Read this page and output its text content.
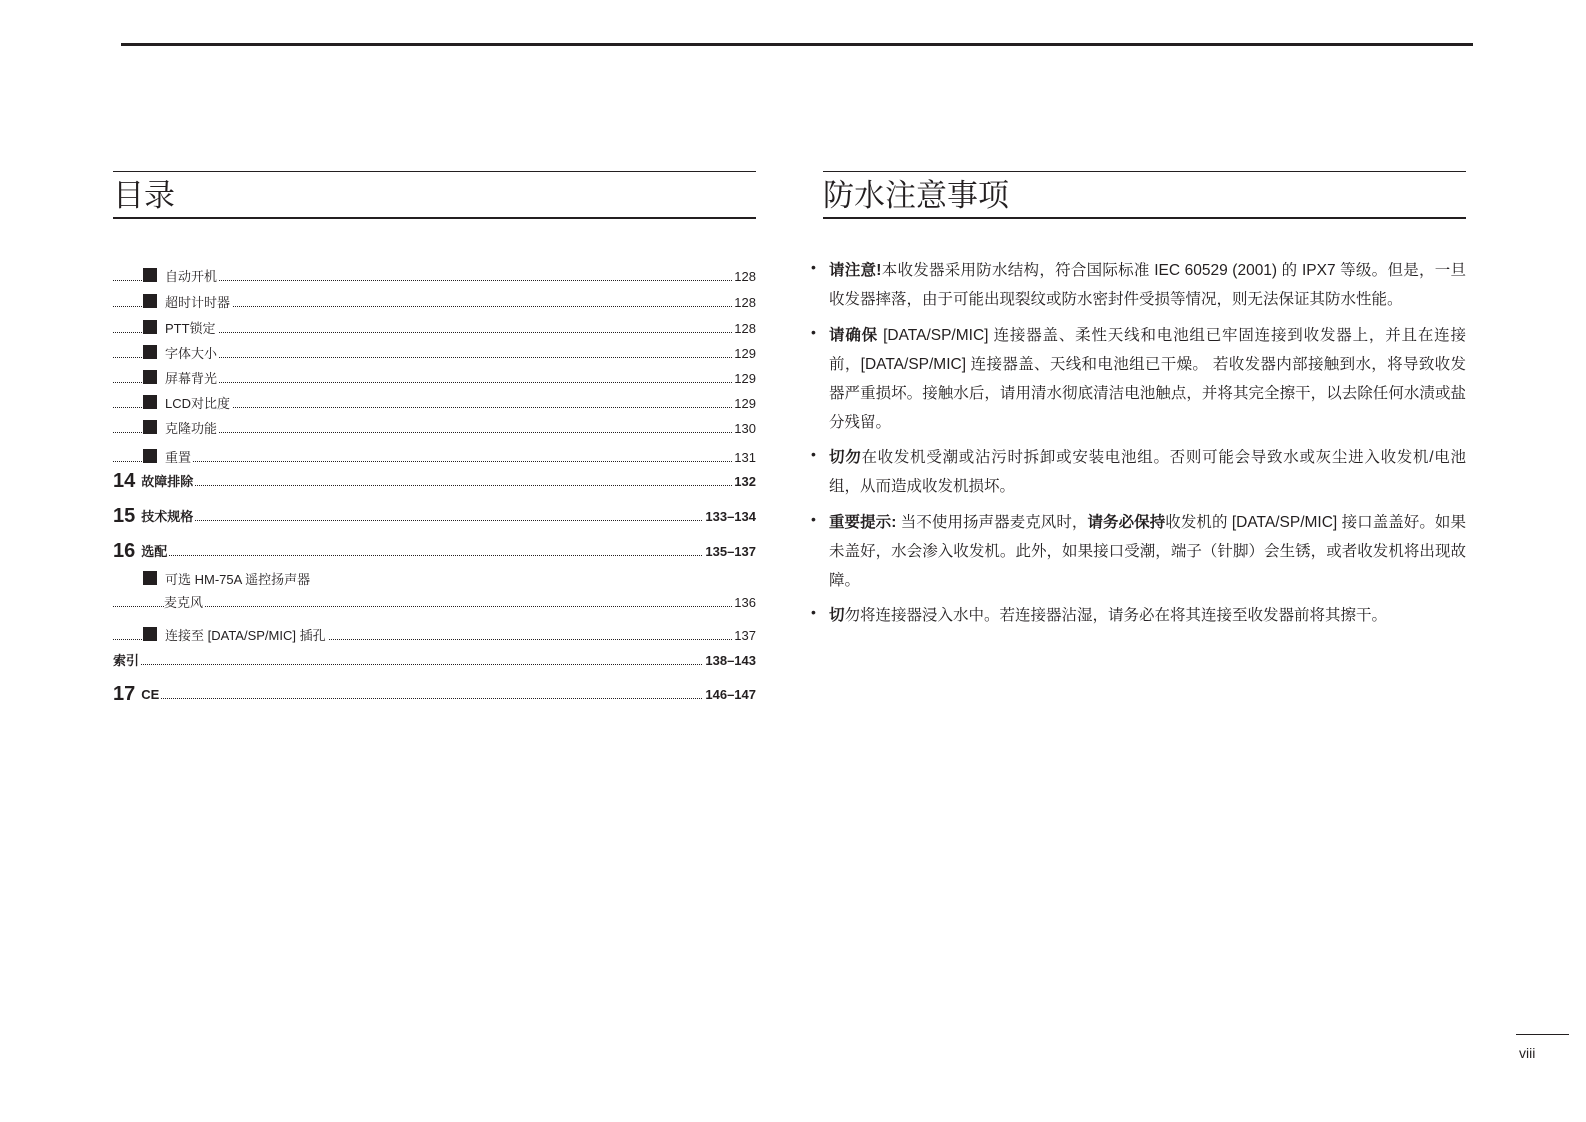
目录
自动开机	128
超时计时器	128
PTT锁定	128
字体大小	129
屏幕背光	129
LCD对比度	129
克隆功能	130
重置	131
14 故障排除	132
15 技术规格	133–134
16 选配	135–137
可选 HM-75A 遥控扬声器
麦克风	136
连接至 [DATA/SP/MIC] 插孔	137
索引	138–143
17 CE	146–147
防水注意事项
• 请注意!本收发器采用防水结构，符合国际标准 IEC 60529 (2001) 的 IPX7 等级。但是，一旦收发器摔落，由于可能出现裂纹或防水密封件受损等情况，则无法保证其防水性能。
• 请确保 [DATA/SP/MIC] 连接器盖、柔性天线和电池组已牢固连接到收发器上，并且在连接前，[DATA/SP/MIC] 连接器盖、天线和电池组已干燥。 若收发器内部接触到水，将导致收发器严重损坏。接触水后，请用清水彻底清洁电池触点，并将其完全擦干，以去除任何水渍或盐分残留。
• 切勿在收发机受潮或沾污时拆卸或安装电池组。否则可能会导致水或灰尘进入收发机/电池组，从而造成收发机损坏。
• 重要提示: 当不使用扬声器麦克风时，请务必保持收发机的 [DATA/SP/MIC] 接口盖盖好。如果未盖好，水会渗入收发机。此外，如果接口受潮，端子（针脚）会生锈，或者收发机将出现故障。
• 切勿将连接器浸入水中。若连接器沾湿，请务必在将其连接至收发器前将其擦干。
viii
